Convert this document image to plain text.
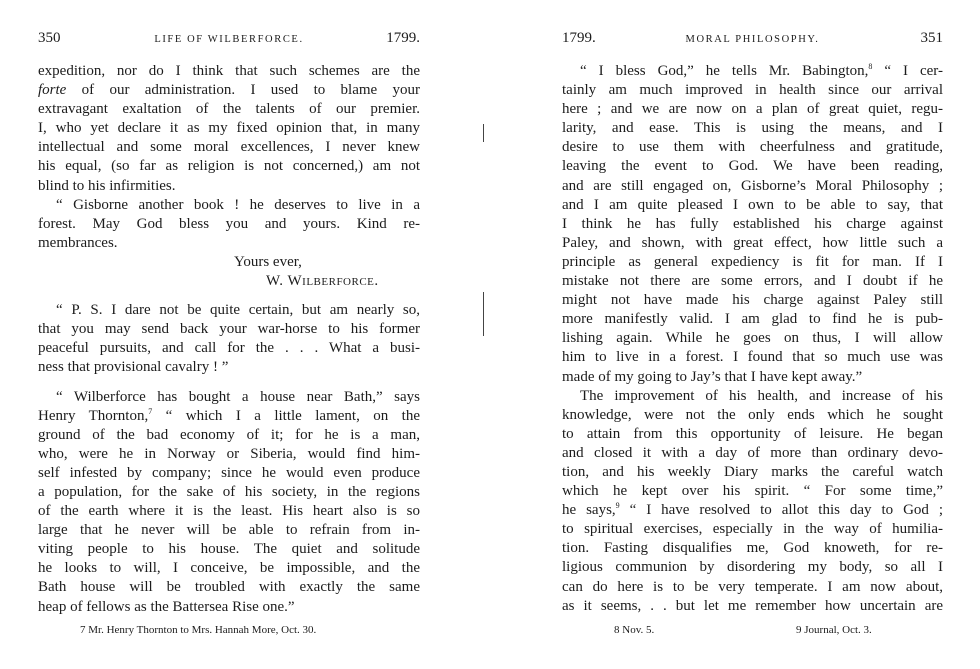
350	LIFE OF WILBERFORCE.	1799.
expedition, nor do I think that such schemes are the
forte of our administration. I used to blame your
extravagant exaltation of the talents of our premier.
I, who yet declare it as my fixed opinion that, in many
intellectual and some moral excellences, I never knew
his equal, (so far as religion is not concerned,) am not
blind to his infirmities.
“ Gisborne another book ! he deserves to live in a
forest. May God bless you and yours. Kind re-
membrances.
Yours ever,
W. Wilberforce.
“ P. S. I dare not be quite certain, but am nearly so,
that you may send back your war-horse to his former
peaceful pursuits, and call for the . . . What a busi-
ness that provisional cavalry ! ”
“ Wilberforce has bought a house near Bath,” says
Henry Thornton,$^7$ “ which I a little lament, on the
ground of the bad economy of it; for he is a man,
who, were he in Norway or Siberia, would find him-
self infested by company; since he would even produce
a population, for the sake of his society, in the regions
of the earth where it is the least. His heart also is so
large that he never will be able to refrain from in-
viting people to his house. The quiet and solitude
he looks to will, I conceive, be impossible, and the
Bath house will be troubled with exactly the same
heap of fellows as the Battersea Rise one.”
7 Mr. Henry Thornton to Mrs. Hannah More, Oct. 30.
1799.	MORAL PHILOSOPHY.	351
“ I bless God,” he tells Mr. Babington,$^8$ “ I cer-
tainly am much improved in health since our arrival
here ; and we are now on a plan of great quiet, regu-
larity, and ease. This is using the means, and I
desire to use them with cheerfulness and gratitude,
leaving the event to God. We have been reading,
and are still engaged on, Gisborne’s Moral Philosophy ;
and I am quite pleased I own to be able to say, that
I think he has fully established his charge against
Paley, and shown, with great effect, how little such a
principle as general expediency is fit for man. If I
mistake not there are some errors, and I doubt if he
might not have made his charge against Paley still
more manifestly valid. I am glad to find he is pub-
lishing again. While he goes on thus, I will allow
him to live in a forest. I found that so much use was
made of my going to Jay’s that I have kept away.”
The improvement of his health, and increase of his
knowledge, were not the only ends which he sought
to attain from this opportunity of leisure. He began
and closed it with a day of more than ordinary devo-
tion, and his weekly Diary marks the careful watch
which he kept over his spirit. “ For some time,”
he says,$^9$ “ I have resolved to allot this day to God ;
to spiritual exercises, especially in the way of humilia-
tion. Fasting disqualifies me, God knoweth, for re-
ligious communion by disordering my body, so all I
can do here is to be very temperate. I am now about,
as it seems, . . but let me remember how uncertain are
8 Nov. 5.	9 Journal, Oct. 3.
